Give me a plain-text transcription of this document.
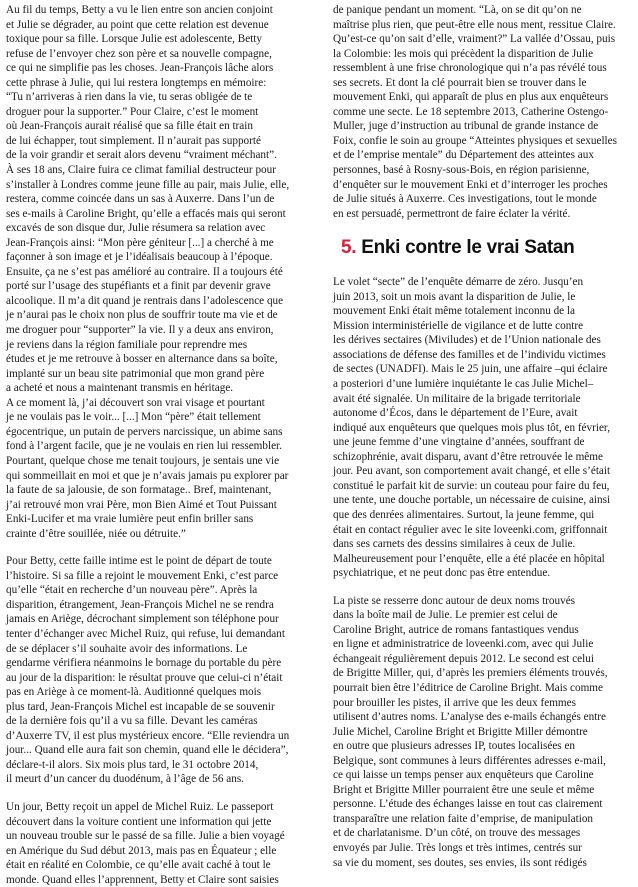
Au fil du temps, Betty a vu le lien entre son ancien conjoint
et Julie se dégrader, au point que cette relation est devenue
toxique pour sa fille. Lorsque Julie est adolescente, Betty
refuse de l’envoyer chez son père et sa nouvelle compagne,
ce qui ne simplifie pas les choses. Jean-François lâche alors
cette phrase à Julie, qui lui restera longtemps en mémoire:
“Tu n’arriveras à rien dans la vie, tu seras obligée de te
droguer pour la supporter.” Pour Claire, c’est le moment
où Jean-François aurait réalisé que sa fille était en train
de lui échapper, tout simplement. Il n’aurait pas supporté
de la voir grandir et serait alors devenu “vraiment méchant”.
À ses 18 ans, Claire fuira ce climat familial destructeur pour
s’installer à Londres comme jeune fille au pair, mais Julie, elle,
restera, comme coincée dans un sas à Auxerre. Dans l’un de
ses e-mails à Caroline Bright, qu’elle a effacés mais qui seront
excavés de son disque dur, Julie résumera sa relation avec
Jean-François ainsi: “Mon père géniteur [...] a cherché à me
façonner à son image et je l’idéalisais beaucoup à l’époque.
Ensuite, ça ne s’est pas amélioré au contraire. Il a toujours été
porté sur l’usage des stupéfiants et a finit par devenir grave
alcoolique. Il m’a dit quand je rentrais dans l’adolescence que
je n’aurai pas le choix non plus de souffrir toute ma vie et de
me droguer pour “supporter” la vie. Il y a deux ans environ,
je reviens dans la région familiale pour reprendre mes
études et je me retrouve à bosser en alternance dans sa boîte,
implanté sur un beau site patrimonial que mon grand père
a acheté et nous a maintenant transmis en héritage.
A ce moment là, j’ai découvert son vrai visage et pourtant
je ne voulais pas le voir... [...] Mon “père” était tellement
égocentrique, un putain de pervers narcissique, un abime sans
fond à l’argent facile, que je ne voulais en rien lui ressembler.
Pourtant, quelque chose me tenait toujours, je sentais une vie
qui sommeillait en moi et que je n’avais jamais pu explorer par
la faute de sa jalousie, de son formatage.. Bref, maintenant,
j’ai retrouvé mon vrai Père, mon Bien Aimé et Tout Puissant
Enki-Lucifer et ma vraie lumière peut enfin briller sans
crainte d’être souillée, niée ou détruite.”

Pour Betty, cette faille intime est le point de départ de toute
l’histoire. Si sa fille a rejoint le mouvement Enki, c’est parce
qu’elle “était en recherche d’un nouveau père”. Après la
disparition, étrangement, Jean-François Michel ne se rendra
jamais en Ariège, décrochant simplement son téléphone pour
tenter d’échanger avec Michel Ruiz, qui refuse, lui demandant
de se déplacer s’il souhaite avoir des informations. Le
gendarme vérifiera néanmoins le bornage du portable du père
au jour de la disparition: le résultat prouve que celui-ci n’était
pas en Ariège à ce moment-là. Auditionné quelques mois
plus tard, Jean-François Michel est incapable de se souvenir
de la dernière fois qu’il a vu sa fille. Devant les caméras
d’Auxerre TV, il est plus mystérieux encore. “Elle reviendra un
jour... Quand elle aura fait son chemin, quand elle le décidera”,
déclare-t-il alors. Six mois plus tard, le 31 octobre 2014,
il meurt d’un cancer du duodénum, à l’âge de 56 ans.

Un jour, Betty reçoit un appel de Michel Ruiz. Le passeport
découvert dans la voiture contient une information qui jette
un nouveau trouble sur le passé de sa fille. Julie a bien voyagé
en Amérique du Sud début 2013, mais pas en Équateur ; elle
était en réalité en Colombie, ce qu’elle avait caché à tout le
monde. Quand elles l’apprennent, Betty et Claire sont saisies

de panique pendant un moment. “Là, on se dit qu’on ne
maîtrise plus rien, que peut-être elle nous ment, ressitue Claire.
Qu’est-ce qu’on sait d’elle, vraiment?” La vallée d’Ossau, puis
la Colombie: les mois qui précèdent la disparition de Julie
ressemblent à une frise chronologique qui n’a pas révélé tous
ses secrets. Et dont la clé pourrait bien se trouver dans le
mouvement Enki, qui apparaît de plus en plus aux enquêteurs
comme une secte. Le 18 septembre 2013, Catherine Ostengo-
Muller, juge d’instruction au tribunal de grande instance de
Foix, confie le soin au groupe “Atteintes physiques et sexuelles
et de l’emprise mentale” du Département des atteintes aux
personnes, basé à Rosny-sous-Bois, en région parisienne,
d’enquêter sur le mouvement Enki et d’interroger les proches
de Julie situés à Auxerre. Ces investigations, tout le monde
en est persuadé, permettront de faire éclater la vérité.

5. Enki contre le vrai Satan

Le volet “secte” de l’enquête démarre de zéro. Jusqu’en
juin 2013, soit un mois avant la disparition de Julie, le
mouvement Enki était même totalement inconnu de la
Mission interministérielle de vigilance et de lutte contre
les dérives sectaires (Miviludes) et de l’Union nationale des
associations de défense des familles et de l’individu victimes
de sectes (UNADFI). Mais le 25 juin, une affaire –qui éclaire
a posteriori d’une lumière inquiétante le cas Julie Michel–
avait été signalée. Un militaire de la brigade territoriale
autonome d’Écos, dans le département de l’Eure, avait
indiqué aux enquêteurs que quelques mois plus tôt, en février,
une jeune femme d’une vingtaine d’années, souffrant de
schizophrénie, avait disparu, avant d’être retrouvée le même
jour. Peu avant, son comportement avait changé, et elle s’était
constitué le parfait kit de survie: un couteau pour faire du feu,
une tente, une douche portable, un nécessaire de cuisine, ainsi
que des denrées alimentaires. Surtout, la jeune femme, qui
était en contact régulier avec le site loveenki.com, griffonnait
dans ses carnets des dessins similaires à ceux de Julie.
Malheureusement pour l’enquête, elle a été placée en hôpital
psychiatrique, et ne peut donc pas être entendue.

La piste se resserre donc autour de deux noms trouvés
dans la boîte mail de Julie. Le premier est celui de
Caroline Bright, autrice de romans fantastiques vendus
en ligne et administratrice de loveenki.com, avec qui Julie
échangeait régulièrement depuis 2012. Le second est celui
de Brigitte Miller, qui, d’après les premiers éléments trouvés,
pourrait bien être l’éditrice de Caroline Bright. Mais comme
pour brouiller les pistes, il arrive que les deux femmes
utilisent d’autres noms. L’analyse des e-mails échangés entre
Julie Michel, Caroline Bright et Brigitte Miller démontre
en outre que plusieurs adresses IP, toutes localisées en
Belgique, sont communes à leurs différentes adresses e-mail,
ce qui laisse un temps penser aux enquêteurs que Caroline
Bright et Brigitte Miller pourraient être une seule et même
personne. L’étude des échanges laisse en tout cas clairement
transparaître une relation faite d’emprise, de manipulation
et de charlatanisme. D’un côté, on trouve des messages
envoyés par Julie. Très longs et très intimes, centrés sur
sa vie du moment, ses doutes, ses envies, ils sont rédigés
